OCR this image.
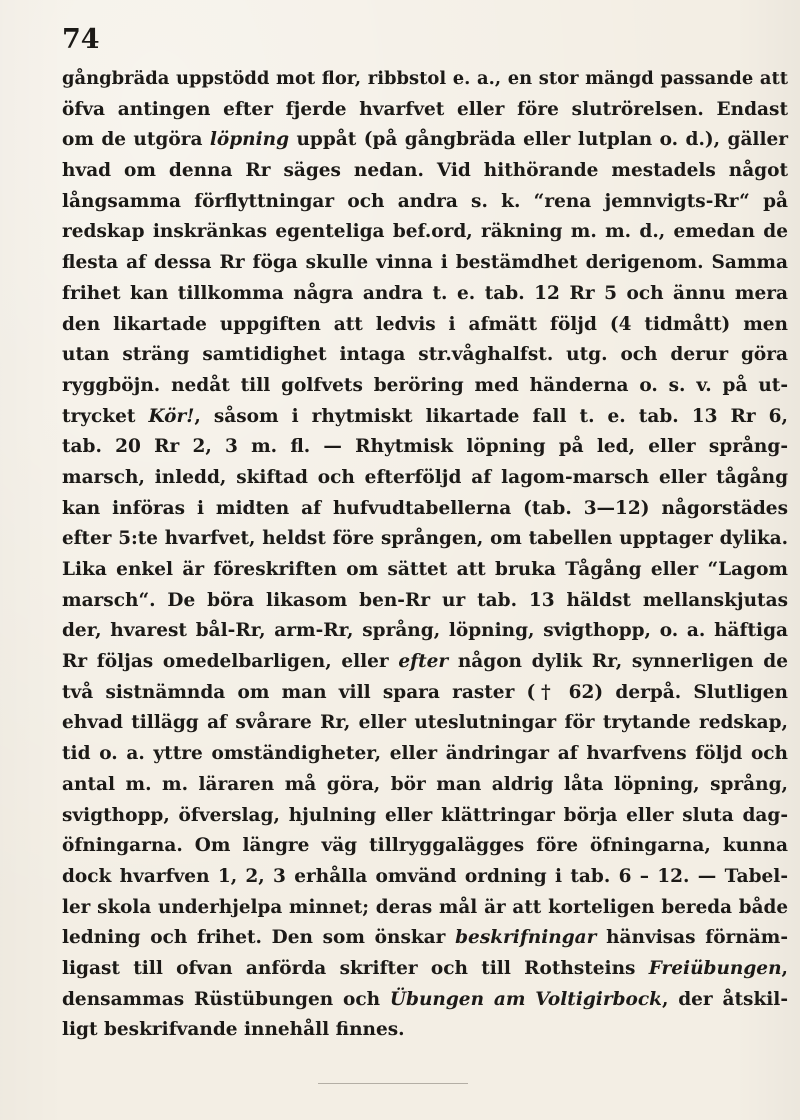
74
gångbräda uppstödd mot flor, ribbstol e. a., en stor mängd passande att
öfva antingen efter fjerde hvarfvet eller före slutrörelsen. Endast
om de utgöra löpning uppåt (på gångbräda eller lutplan o. d.), gäller
hvad om denna Rr säges nedan. Vid hithörande mestadels något
långsamma förflyttningar och andra s. k. “rena jemnvigts-Rr“ på
redskap inskränkas egenteliga bef.ord, räkning m. m. d., emedan de
flesta af dessa Rr föga skulle vinna i bestämdhet derigenom. Samma
frihet kan tillkomma några andra t. e. tab. 12 Rr 5 och ännu mera
den likartade uppgiften att ledvis i afmätt följd (4 tidmått) men
utan sträng samtidighet intaga str.våghalfst. utg. och derur göra
ryggböjn. nedåt till golfvets beröring med händerna o. s. v. på ut-
trycket Kör!, såsom i rhytmiskt likartade fall t. e. tab. 13 Rr 6,
tab. 20 Rr 2, 3 m. fl. — Rhytmisk löpning på led, eller språng-
marsch, inledd, skiftad och efterföljd af lagom-marsch eller tågång
kan införas i midten af hufvudtabellerna (tab. 3—12) någorstädes
efter 5:te hvarfvet, heldst före sprången, om tabellen upptager dylika.
Lika enkel är föreskriften om sättet att bruka Tågång eller “Lagom
marsch“. De böra likasom ben-Rr ur tab. 13 häldst mellanskjutas
der, hvarest bål-Rr, arm-Rr, språng, löpning, svigthopp, o. a. häftiga
Rr följas omedelbarligen, eller efter någon dylik Rr, synnerligen de
två sistnämnda om man vill spara raster († 62) derpå. Slutligen
ehvad tillägg af svårare Rr, eller uteslutningar för trytande redskap,
tid o. a. yttre omständigheter, eller ändringar af hvarfvens följd och
antal m. m. läraren må göra, bör man aldrig låta löpning, språng,
svigthopp, öfverslag, hjulning eller klättringar börja eller sluta dag-
öfningarna. Om längre väg tillryggalägges före öfningarna, kunna
dock hvarfven 1, 2, 3 erhålla omvänd ordning i tab. 6 – 12. — Tabel-
ler skola underhjelpa minnet; deras mål är att korteligen bereda både
ledning och frihet. Den som önskar beskrifningar hänvisas förnäm-
ligast till ofvan anförda skrifter och till Rothsteins Freiübungen,
densammas Rüstübungen och Übungen am Voltigirbock, der åtskil-
ligt beskrifvande innehåll finnes.
